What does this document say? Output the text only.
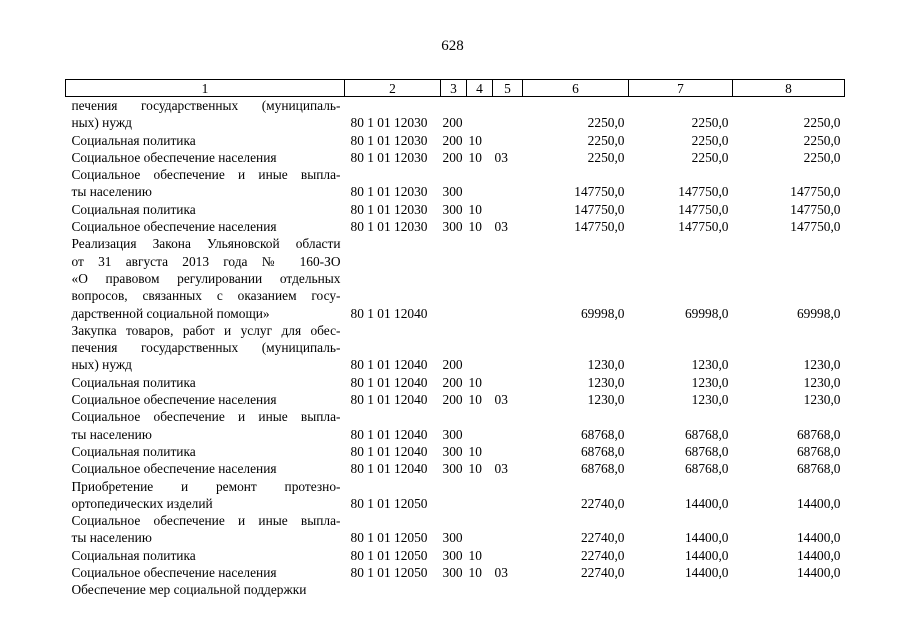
628
1	2	3	4	5	6	7	8

печения государственных (муниципаль-
ных) нужд	80 1 01 12030	200			2250,0	2250,0	2250,0

Социальная политика	80 1 01 12030	200	10		2250,0	2250,0	2250,0

Социальное обеспечение населения	80 1 01 12030	200	10	03	2250,0	2250,0	2250,0

Социальное обеспечение и иные выпла-
ты населению	80 1 01 12030	300			147750,0	147750,0	147750,0

Социальная политика	80 1 01 12030	300	10		147750,0	147750,0	147750,0

Социальное обеспечение населения	80 1 01 12030	300	10	03	147750,0	147750,0	147750,0

Реализация Закона Ульяновской области
от 31 августа 2013 года № 160-ЗО
«О правовом регулировании отдельных
вопросов, связанных с оказанием госу-
дарственной социальной помощи»	80 1 01 12040				69998,0	69998,0	69998,0

Закупка товаров, работ и услуг для обес-
печения государственных (муниципаль-
ных) нужд	80 1 01 12040	200			1230,0	1230,0	1230,0

Социальная политика	80 1 01 12040	200	10		1230,0	1230,0	1230,0

Социальное обеспечение населения	80 1 01 12040	200	10	03	1230,0	1230,0	1230,0

Социальное обеспечение и иные выпла-
ты населению	80 1 01 12040	300			68768,0	68768,0	68768,0

Социальная политика	80 1 01 12040	300	10		68768,0	68768,0	68768,0

Социальное обеспечение населения	80 1 01 12040	300	10	03	68768,0	68768,0	68768,0

Приобретение и ремонт протезно-
ортопедических изделий	80 1 01 12050				22740,0	14400,0	14400,0

Социальное обеспечение и иные выпла-
ты населению	80 1 01 12050	300			22740,0	14400,0	14400,0

Социальная политика	80 1 01 12050	300	10		22740,0	14400,0	14400,0

Социальное обеспечение населения	80 1 01 12050	300	10	03	22740,0	14400,0	14400,0

Обеспечение мер социальной поддержки							
